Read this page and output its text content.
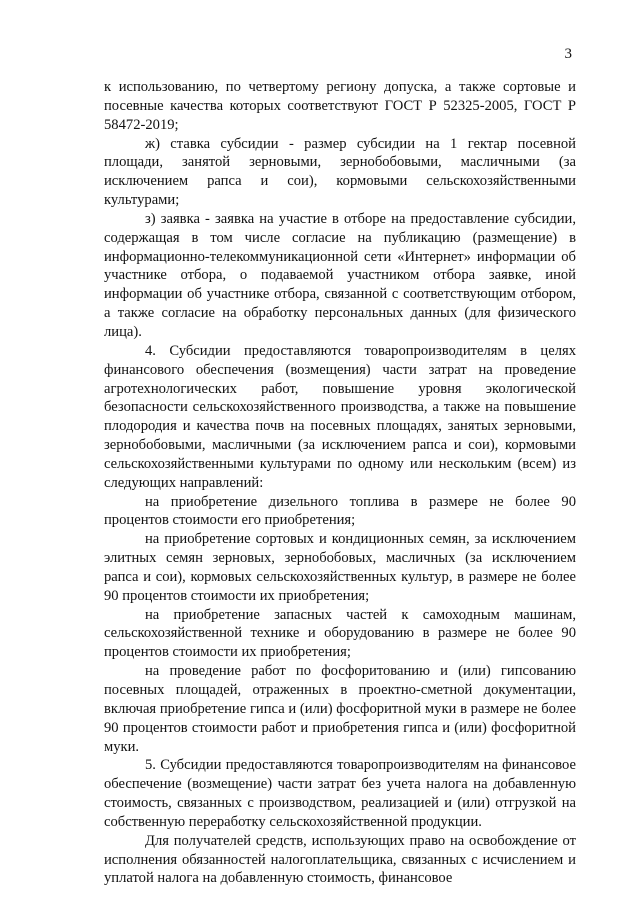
3

к использованию, по четвертому региону допуска, а также сортовые и посевные качества которых соответствуют ГОСТ Р 52325-2005, ГОСТ Р 58472-2019;

ж) ставка субсидии - размер субсидии на 1 гектар посевной площади, занятой зерновыми, зернобобовыми, масличными (за исключением рапса и сои), кормовыми сельскохозяйственными культурами;

з) заявка - заявка на участие в отборе на предоставление субсидии, содержащая в том числе согласие на публикацию (размещение) в информационно-телекоммуникационной сети «Интернет» информации об участнике отбора, о подаваемой участником отбора заявке, иной информации об участнике отбора, связанной с соответствующим отбором, а также согласие на обработку персональных данных (для физического лица).

4. Субсидии предоставляются товаропроизводителям в целях финансового обеспечения (возмещения) части затрат на проведение агротехнологических работ, повышение уровня экологической безопасности сельскохозяйственного производства, а также на повышение плодородия и качества почв на посевных площадях, занятых зерновыми, зернобобовыми, масличными (за исключением рапса и сои), кормовыми сельскохозяйственными культурами по одному или нескольким (всем) из следующих направлений:

на приобретение дизельного топлива в размере не более 90 процентов стоимости его приобретения;

на приобретение сортовых и кондиционных семян, за исключением элитных семян зерновых, зернобобовых, масличных (за исключением рапса и сои), кормовых сельскохозяйственных культур, в размере не более 90 процентов стоимости их приобретения;

на приобретение запасных частей к самоходным машинам, сельскохозяйственной технике и оборудованию в размере не более 90 процентов стоимости их приобретения;

на проведение работ по фосфоритованию и (или) гипсованию посевных площадей, отраженных в проектно-сметной документации, включая приобретение гипса и (или) фосфоритной муки в размере не более 90 процентов стоимости работ и приобретения гипса и (или) фосфоритной муки.

5. Субсидии предоставляются товаропроизводителям на финансовое обеспечение (возмещение) части затрат без учета налога на добавленную стоимость, связанных с производством, реализацией и (или) отгрузкой на собственную переработку сельскохозяйственной продукции.

Для получателей средств, использующих право на освобождение от исполнения обязанностей налогоплательщика, связанных с исчислением и уплатой налога на добавленную стоимость, финансовое
